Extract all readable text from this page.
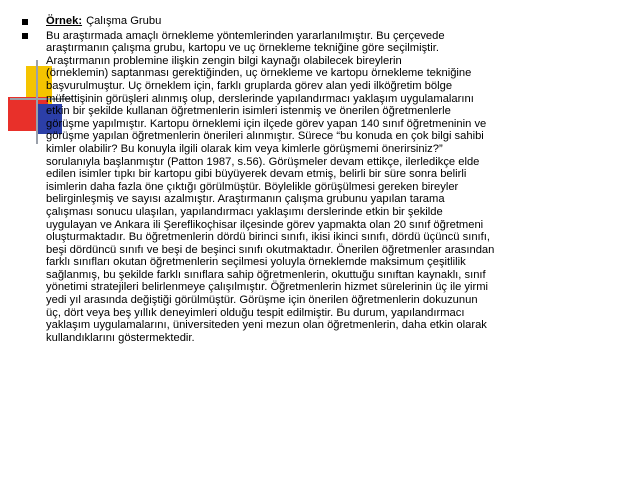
Örnek: Çalışma Grubu
Bu araştırmada amaçlı örnekleme yöntemlerinden yararlanılmıştır. Bu çerçevede
araştırmanın çalışma grubu, kartopu ve uç örnekleme tekniğine göre seçilmiştir.
Araştırmanın problemine ilişkin zengin bilgi kaynağı olabilecek bireylerin
(örneklemin) saptanması gerektiğinden, uç örnekleme ve kartopu örnekleme tekniğine
başvurulmuştur. Uç örneklem için, farklı gruplarda görev alan yedi ilköğretim bölge
müfettişinin görüşleri alınmış olup, derslerinde yapılandırmacı yaklaşım uygulamalarını
etkin bir şekilde kullanan öğretmenlerin isimleri istenmiş ve önerilen öğretmenlerle
görüşme yapılmıştır. Kartopu örneklemi için ilçede görev yapan 140 sınıf öğretmeninin ve
görüşme yapılan öğretmenlerin önerileri alınmıştır. Sürece “bu konuda en çok bilgi sahibi
kimler olabilir? Bu konuyla ilgili olarak kim veya kimlerle görüşmemi önerirsiniz?”
sorulanıyla başlanmıştır (Patton 1987, s.56). Görüşmeler devam ettikçe, ilerledikçe elde
edilen isimler tıpkı bir kartopu gibi büyüyerek devam etmiş, belirli bir süre sonra belirli
isimlerin daha fazla öne çıktığı görülmüştür. Böylelikle görüşülmesi gereken bireyler
belirginleşmiş ve sayısı azalmıştır. Araştırmanın çalışma grubunu yapılan tarama
çalışması sonucu ulaşılan, yapılandırmacı yaklaşımı derslerinde etkin bir şekilde
uygulayan ve Ankara ili Şereflikoçhisar ilçesinde görev yapmakta olan 20 sınıf öğretmeni
oluşturmaktadır. Bu öğretmenlerin dördü birinci sınıfı, ikisi ikinci sınıfı, dördü üçüncü sınıfı,
beşi dördüncü sınıfı ve beşi de beşinci sınıfı okutmaktadır. Önerilen öğretmenler arasından
farklı sınıfları okutan öğretmenlerin seçilmesi yoluyla örneklemde maksimum çeşitlilik
sağlanmış, bu şekilde farklı sınıflara sahip öğretmenlerin, okuttuğu sınıftan kaynaklı, sınıf
yönetimi stratejileri belirlenmeye çalışılmıştır. Öğretmenlerin hizmet sürelerinin üç ile yirmi
yedi yıl arasında değiştiği görülmüştür. Görüşme için önerilen öğretmenlerin dokuzunun
üç, dört veya beş yıllık deneyimleri olduğu tespit edilmiştir. Bu durum, yapılandırmacı
yaklaşım uygulamalarını, üniversiteden yeni mezun olan öğretmenlerin, daha etkin olarak
kullandıklarını göstermektedir.
